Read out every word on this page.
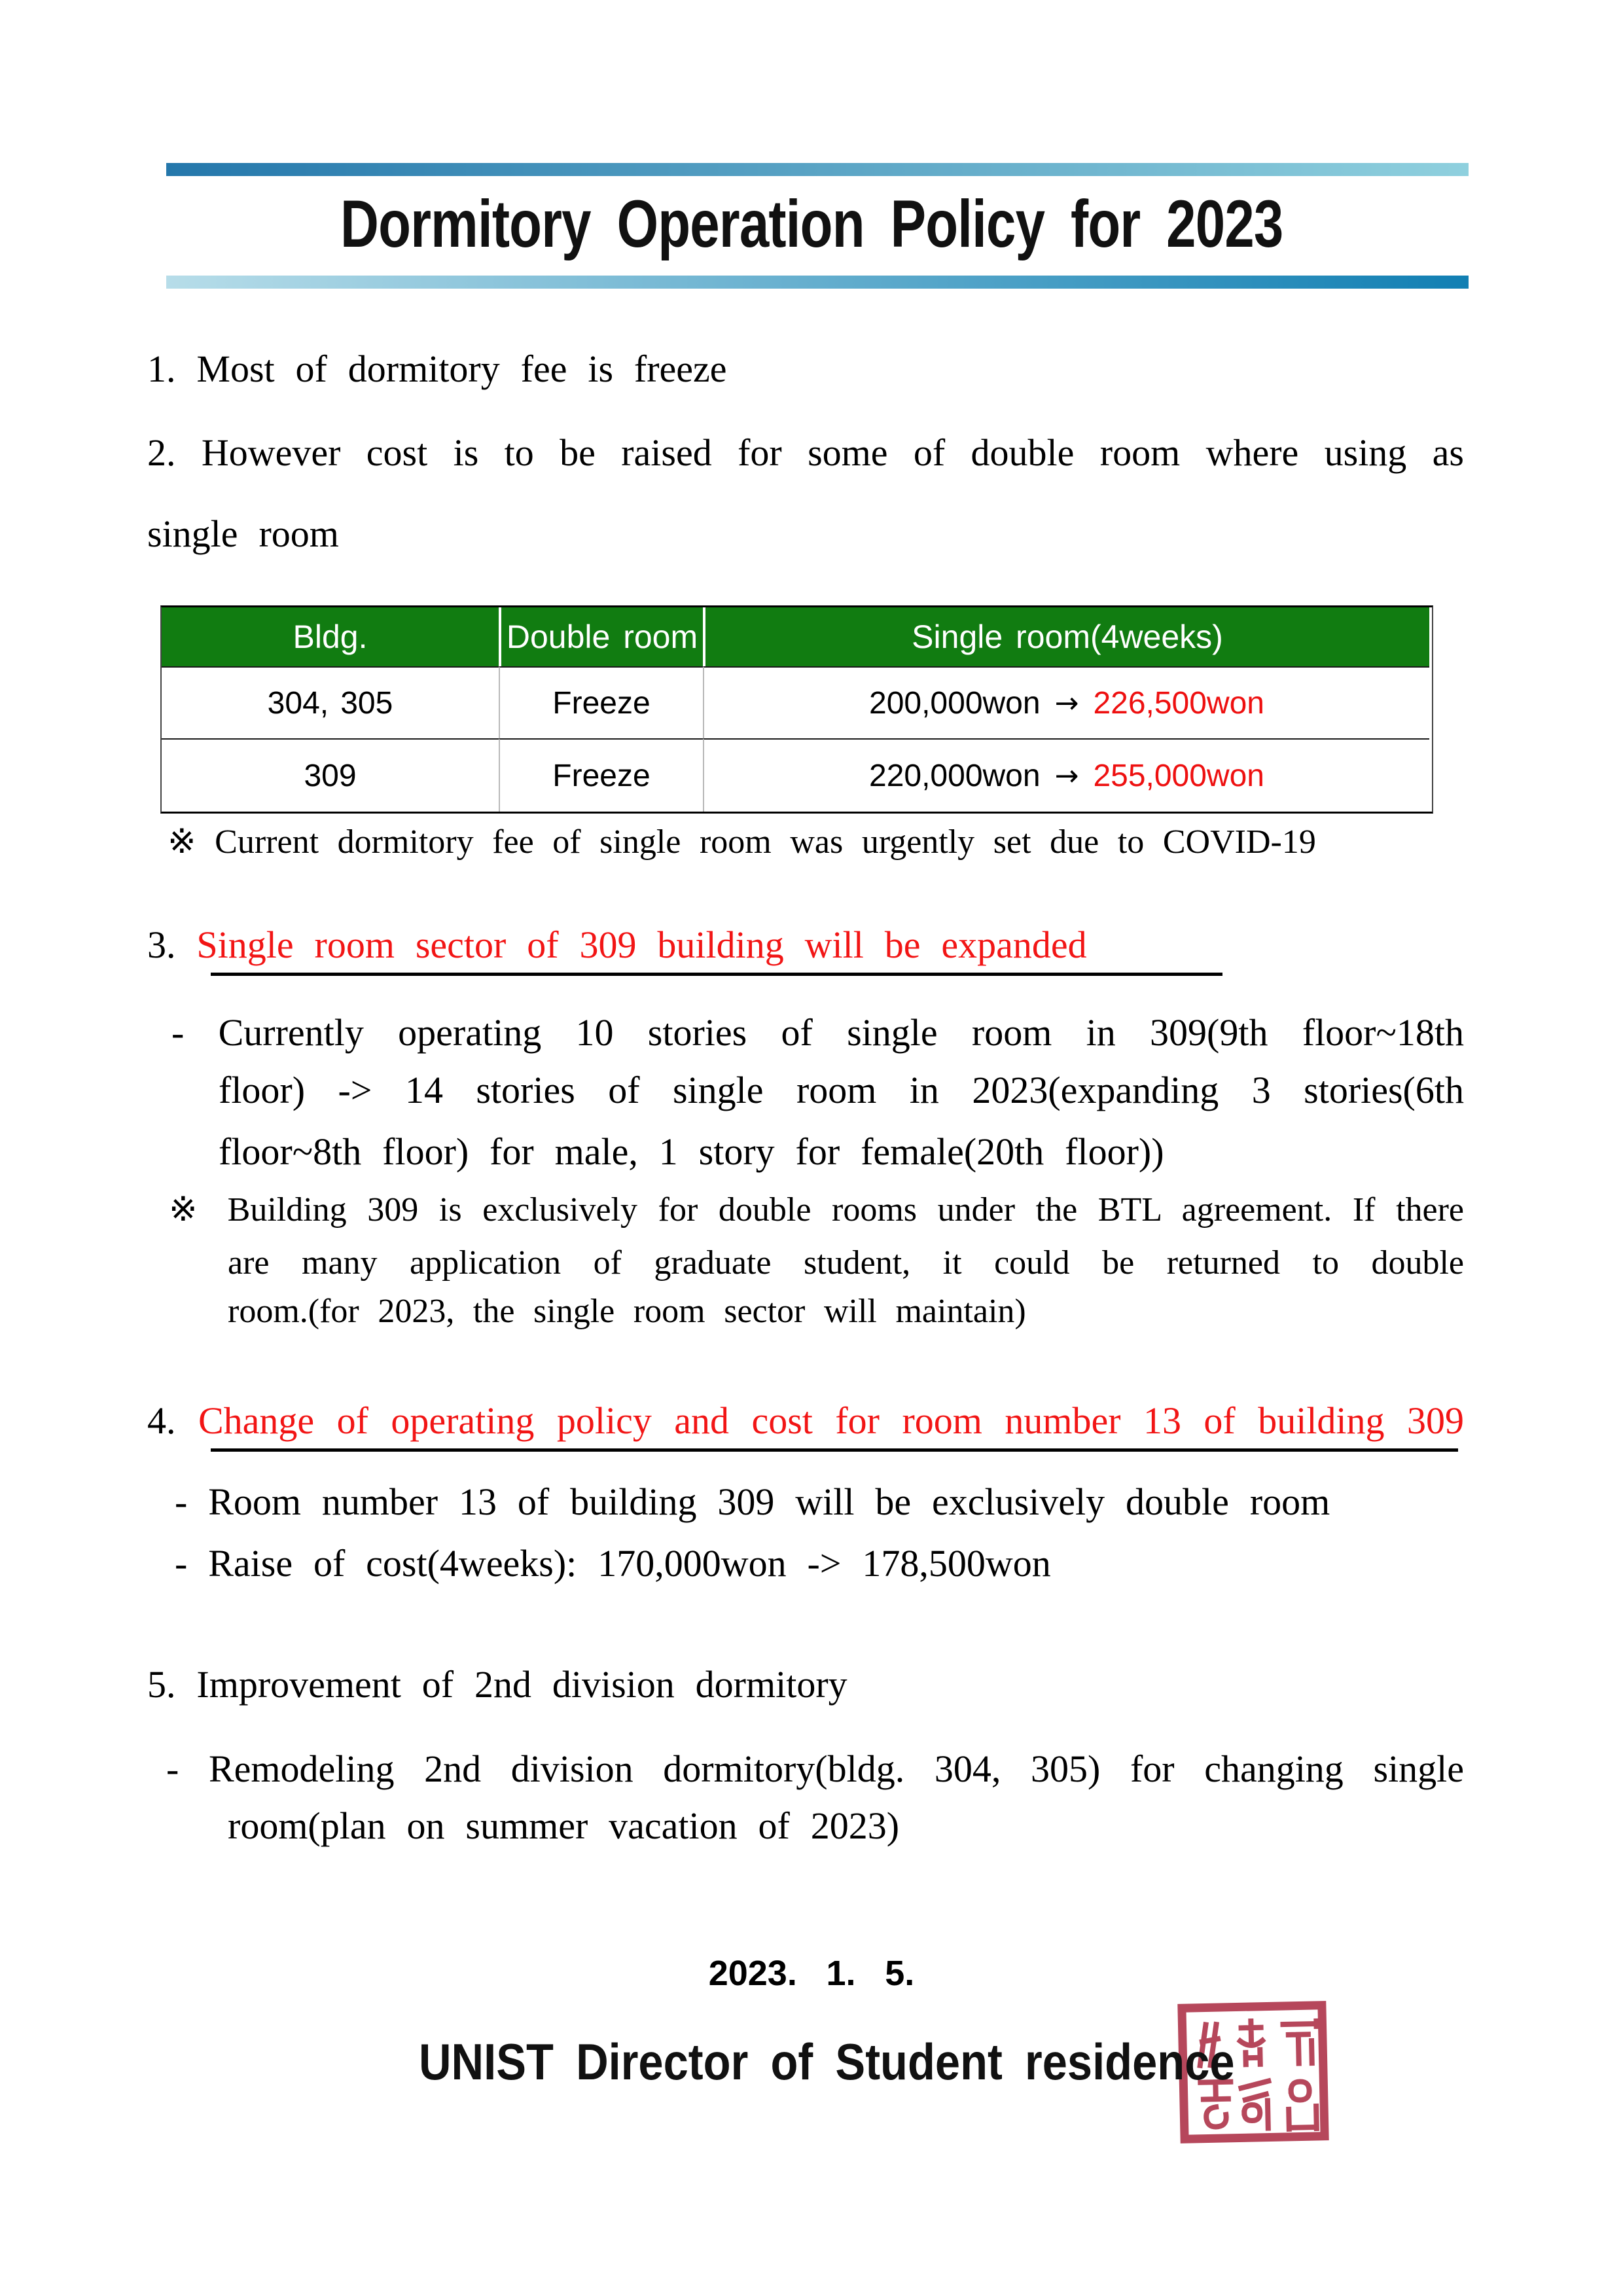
Dormitory Operation Policy for 2023
1. Most of dormitory fee is freeze
2. However cost is to be raised for some of double room where using as
single room
Bldg.	Double room	Single room(4weeks)
304, 305	Freeze	200,000won → 226,500won
309	Freeze	220,000won → 255,000won
※ Current dormitory fee of single room was urgently set due to COVID-19
3. Single room sector of 309 building will be expanded
- Currently operating 10 stories of single room in 309(9th floor~18th
floor) -> 14 stories of single room in 2023(expanding 3 stories(6th
floor~8th floor) for male, 1 story for female(20th floor))
※ Building 309 is exclusively for double rooms under the BTL agreement. If there
are many application of graduate student, it could be returned to double
room.(for 2023, the single room sector will maintain)
4. Change of operating policy and cost for room number 13 of building 309
- Room number 13 of building 309 will be exclusively double room
- Raise of cost(4weeks): 170,000won -> 178,500won
5. Improvement of 2nd division dormitory
- Remodeling 2nd division dormitory(bldg. 304, 305) for changing single
room(plan on summer vacation of 2023)
2023. 1. 5.
UNIST Director of Student residence
